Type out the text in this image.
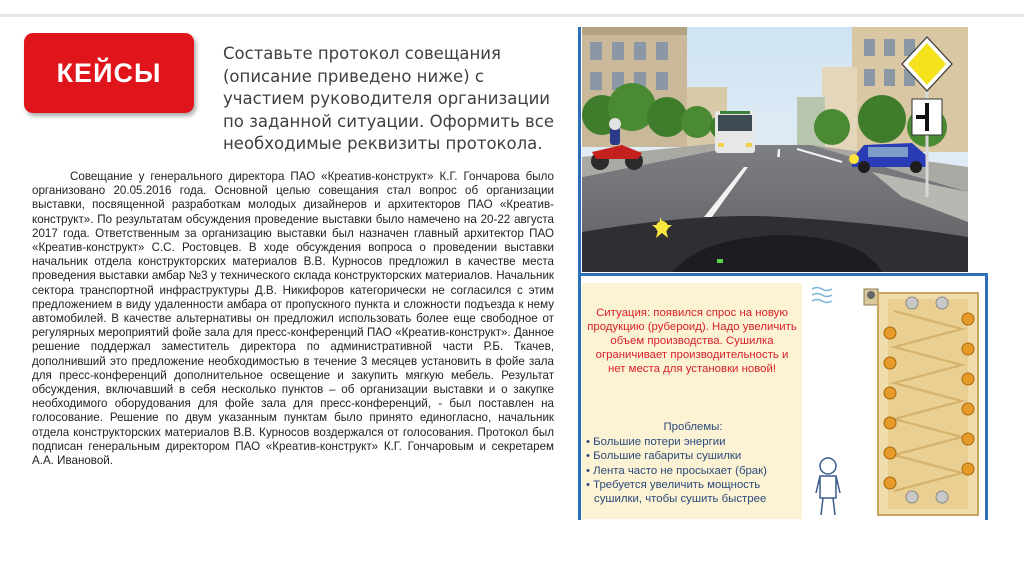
КЕЙСЫ
Составьте протокол совещания (описание приведено ниже) с участием руководителя организации по заданной ситуации. Оформить все необходимые реквизиты протокола.

Совещание у генерального директора ПАО «Креатив-конструкт» К.Г. Гончарова было организовано 20.05.2016 года. Основной целью совещания стал вопрос об организации выставки, посвященной разработкам молодых дизайнеров и архитекторов ПАО «Креатив-конструкт». По результатам обсуждения проведение выставки было намечено на 20-22 августа 2017 года. Ответственным за организацию выставки был назначен главный архитектор ПАО «Креатив-конструкт» С.С. Ростовцев. В ходе обсуждения вопроса о проведении выставки начальник отдела конструкторских материалов В.В. Курносов предложил в качестве места проведения выставки амбар №3 у технического склада конструкторских материалов. Начальник сектора транспортной инфраструктуры Д.В. Никифоров категорически не согласился с этим предложением в виду удаленности амбара от пропускного пункта и сложности подъезда к нему автомобилей. В качестве альтернативы он предложил использовать более еще свободное от регулярных мероприятий фойе зала для пресс-конференций ПАО «Креатив-конструкт». Данное решение поддержал заместитель директора по административной части Р.Б. Ткачев, дополнивший это предложение необходимостью в течение 3 месяцев установить в фойе зала для пресс-конференций дополнительное освещение и закупить мягкую мебель. Результат обсуждения, включавший в себя несколько пунктов – об организации выставки и о закупке необходимого оборудования для фойе зала для пресс-конференций, - был поставлен на голосование. Решение по двум указанным пунктам было принято единогласно, начальник отдела конструкторских материалов В.В. Курносов воздержался от голосования. Протокол был подписан генеральным директором ПАО «Креатив-конструкт» К.Г. Гончаровым и секретарем А.А. Ивановой.

Ситуация: появился спрос на новую продукцию (рубероид). Надо увеличить объем производства. Сушилка ограничивает производительность и нет места для установки новой!
Проблемы:
• Большие потери энергии
• Большие габариты сушилки
• Лента часто не просыхает (брак)
• Требуется увеличить мощность сушилки, чтобы сушить быстрее
